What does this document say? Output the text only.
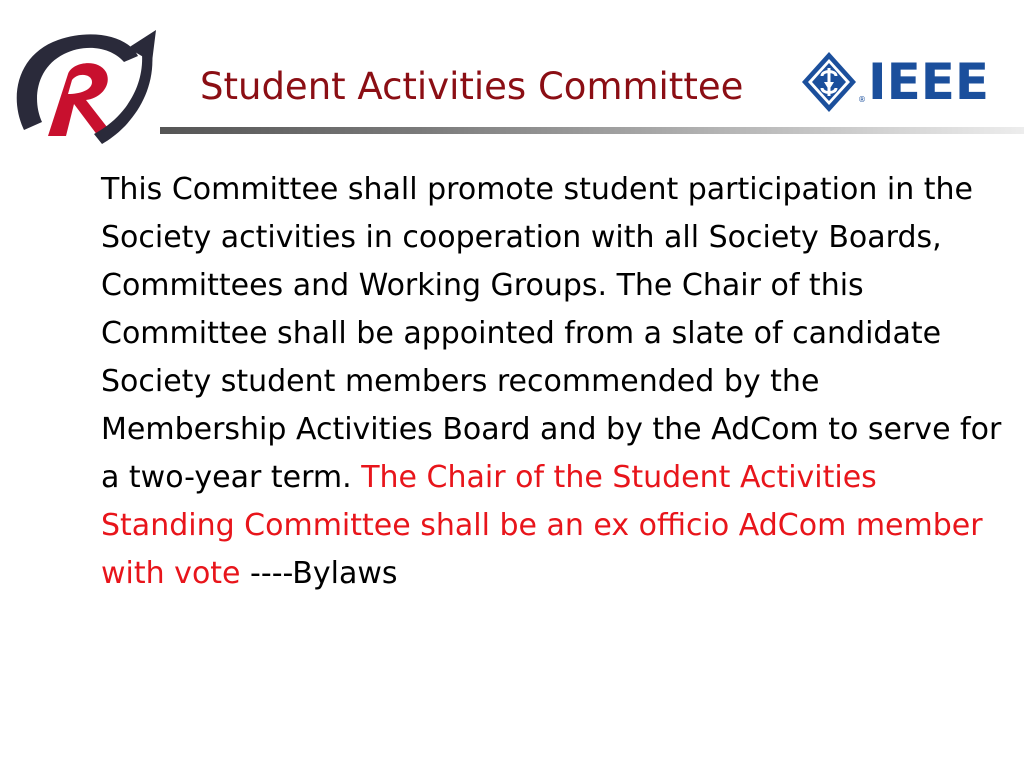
Student Activities Committee	® IEEE

This Committee shall promote student participation in the Society activities in cooperation with all Society Boards, Committees and Working Groups. The Chair of this Committee shall be appointed from a slate of candidate Society student members recommended by the Membership Activities Board and by the AdCom to serve for a two-year term. The Chair of the Student Activities Standing Committee shall be an ex officio AdCom member with vote ----Bylaws
